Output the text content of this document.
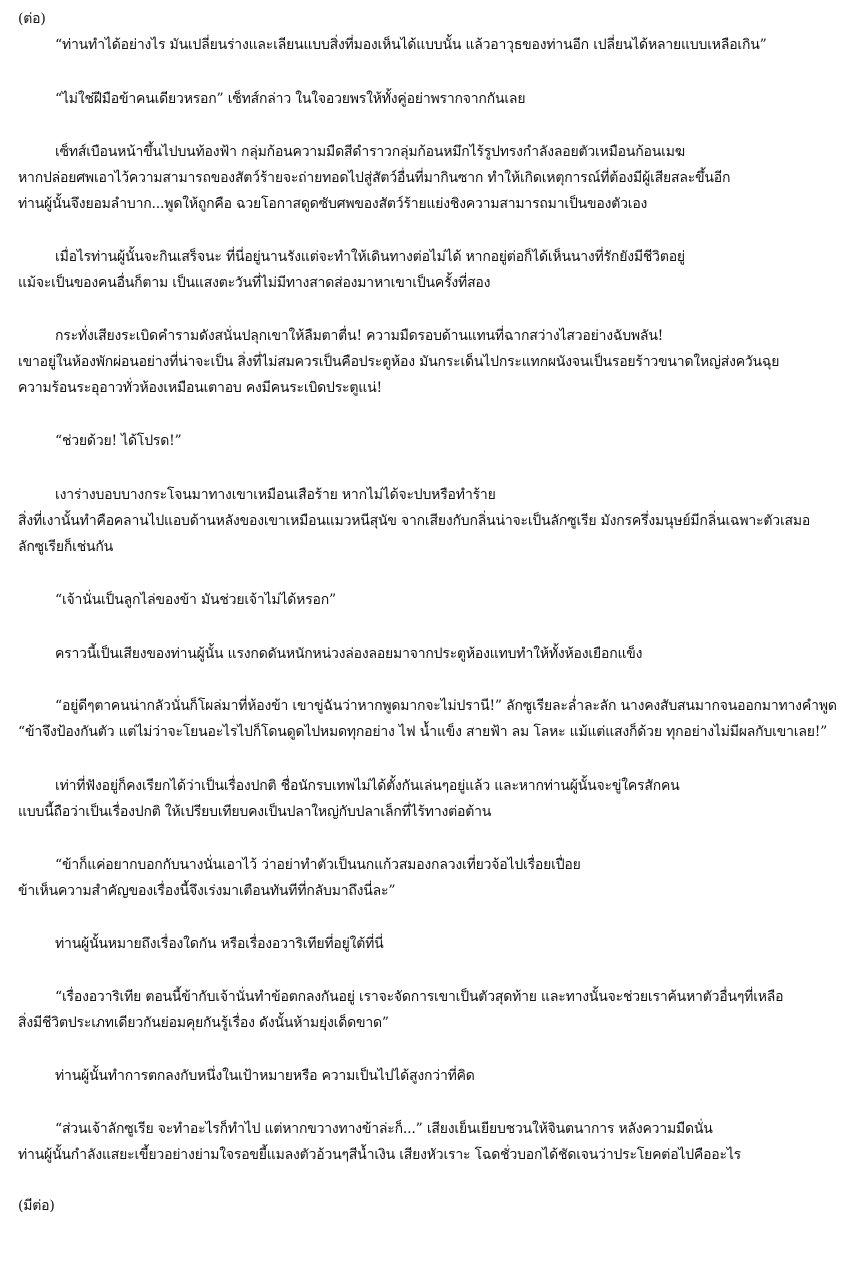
(ต่อ)
“ท่านทำได้อย่างไร มันเปลี่ยนร่างและเลียนแบบสิ่งที่มองเห็นได้แบบนั้น แล้วอาวุธของท่านอีก เปลี่ยนได้หลายแบบเหลือเกิน”
“ไม่ใช่ฝีมือข้าคนเดียวหรอก” เซ็ทส์กล่าว ในใจอวยพรให้ทั้งคู่อย่าพรากจากกันเลย
เซ็ทส์เบือนหน้าขึ้นไปบนท้องฟ้า กลุ่มก้อนความมืดสีดำราวกลุ่มก้อนหมึกไร้รูปทรงกำลังลอยตัวเหมือนก้อนเมฆ
หากปล่อยศพเอาไว้ความสามารถของสัตว์ร้ายจะถ่ายทอดไปสู่สัตว์อื่นที่มากินซาก ทำให้เกิดเหตุการณ์ที่ต้องมีผู้เสียสละขึ้นอีก
ท่านผู้นั้นจึงยอมลำบาก...พูดให้ถูกคือ ฉวยโอกาสดูดซับศพของสัตว์ร้ายแย่งชิงความสามารถมาเป็นของตัวเอง
เมื่อไรท่านผู้นั้นจะกินเสร็จนะ ที่นี่อยู่นานรังแต่จะทำให้เดินทางต่อไม่ได้ หากอยู่ต่อก็ได้เห็นนางที่รักยังมีชีวิตอยู่
แม้จะเป็นของคนอื่นก็ตาม เป็นแสงตะวันที่ไม่มีทางสาดส่องมาหาเขาเป็นครั้งที่สอง
กระทั่งเสียงระเบิดคำรามดังสนั่นปลุกเขาให้ลืมตาตื่น! ความมืดรอบด้านแทนที่ฉากสว่างไสวอย่างฉับพลัน!
เขาอยู่ในห้องพักผ่อนอย่างที่น่าจะเป็น สิ่งที่ไม่สมควรเป็นคือประตูห้อง มันกระเด็นไปกระแทกผนังจนเป็นรอยร้าวขนาดใหญ่ส่งควันฉุย
ความร้อนระอุอาวทั่วห้องเหมือนเตาอบ คงมีคนระเบิดประตูแน่!
“ช่วยด้วย! ได้โปรด!”
เงาร่างบอบบางกระโจนมาทางเขาเหมือนเสือร้าย หากไม่ได้จะปบหรือทำร้าย
สิ่งที่เงานั้นทำคือคลานไปแอบด้านหลังของเขาเหมือนแมวหนีสุนัข จากเสียงกับกลิ่นน่าจะเป็นลักซูเรีย มังกรครึ่งมนุษย์มีกลิ่นเฉพาะตัวเสมอ
ลักซูเรียก็เช่นกัน
“เจ้านั่นเป็นลูกไล่ของข้า มันช่วยเจ้าไม่ได้หรอก”
คราวนี้เป็นเสียงของท่านผู้นั้น แรงกดดันหนักหน่วงล่องลอยมาจากประตูห้องแทบทำให้ทั้งห้องเยือกแข็ง
“อยู่ดีๆตาคนน่ากลัวนั่นก็โผล่มาที่ห้องข้า เขาขู่ฉันว่าหากพูดมากจะไม่ปรานี!” ลักซูเรียละล่ำละลัก นางคงสับสนมากจนออกมาทางคำพูด
“ข้าจึงป้องกันตัว แต่ไม่ว่าจะโยนอะไรไปก็โดนดูดไปหมดทุกอย่าง ไฟ น้ำแข็ง สายฟ้า ลม โลหะ แม้แต่แสงก็ด้วย ทุกอย่างไม่มีผลกับเขาเลย!”
เท่าที่ฟังอยู่ก็คงเรียกได้ว่าเป็นเรื่องปกติ ชื่อนักรบเทพไม่ได้ตั้งกันเล่นๆอยู่แล้ว และหากท่านผู้นั้นจะขู่ใครสักคน
แบบนี้ถือว่าเป็นเรื่องปกติ ให้เปรียบเทียบคงเป็นปลาใหญ่กับปลาเล็กที่ไร้ทางต่อต้าน
“ข้าก็แค่อยากบอกกับนางนั่นเอาไว้ ว่าอย่าทำตัวเป็นนกแก้วสมองกลวงเที่ยวจ้อไปเรื่อยเปื่อย
ข้าเห็นความสำคัญของเรื่องนี้จึงเร่งมาเตือนทันทีที่กลับมาถึงนี่ละ”
ท่านผู้นั้นหมายถึงเรื่องใดกัน หรือเรื่องอวาริเทียที่อยู่ใต้ที่นี่
“เรื่องอวาริเทีย ตอนนี้ข้ากับเจ้านั่นทำข้อตกลงกันอยู่ เราจะจัดการเขาเป็นตัวสุดท้าย และทางนั้นจะช่วยเราค้นหาตัวอื่นๆที่เหลือ
สิ่งมีชีวิตประเภทเดียวกันย่อมคุยกันรู้เรื่อง ดังนั้นห้ามยุ่งเด็ดขาด”
ท่านผู้นั้นทำการตกลงกับหนึ่งในเป้าหมายหรือ ความเป็นไปได้สูงกว่าที่คิด
“ส่วนเจ้าลักซูเรีย จะทำอะไรก็ทำไป แต่หากขวางทางข้าล่ะก็...” เสียงเย็นเยียบชวนให้จินตนาการ หลังความมืดนั่น
ท่านผู้นั้นกำลังแสยะเขี้ยวอย่างย่ามใจรอขยี้แมลงตัวอ้วนๆสีน้ำเงิน เสียงหัวเราะ โฉดชั่วบอกได้ชัดเจนว่าประโยคต่อไปคืออะไร
(มีต่อ)
